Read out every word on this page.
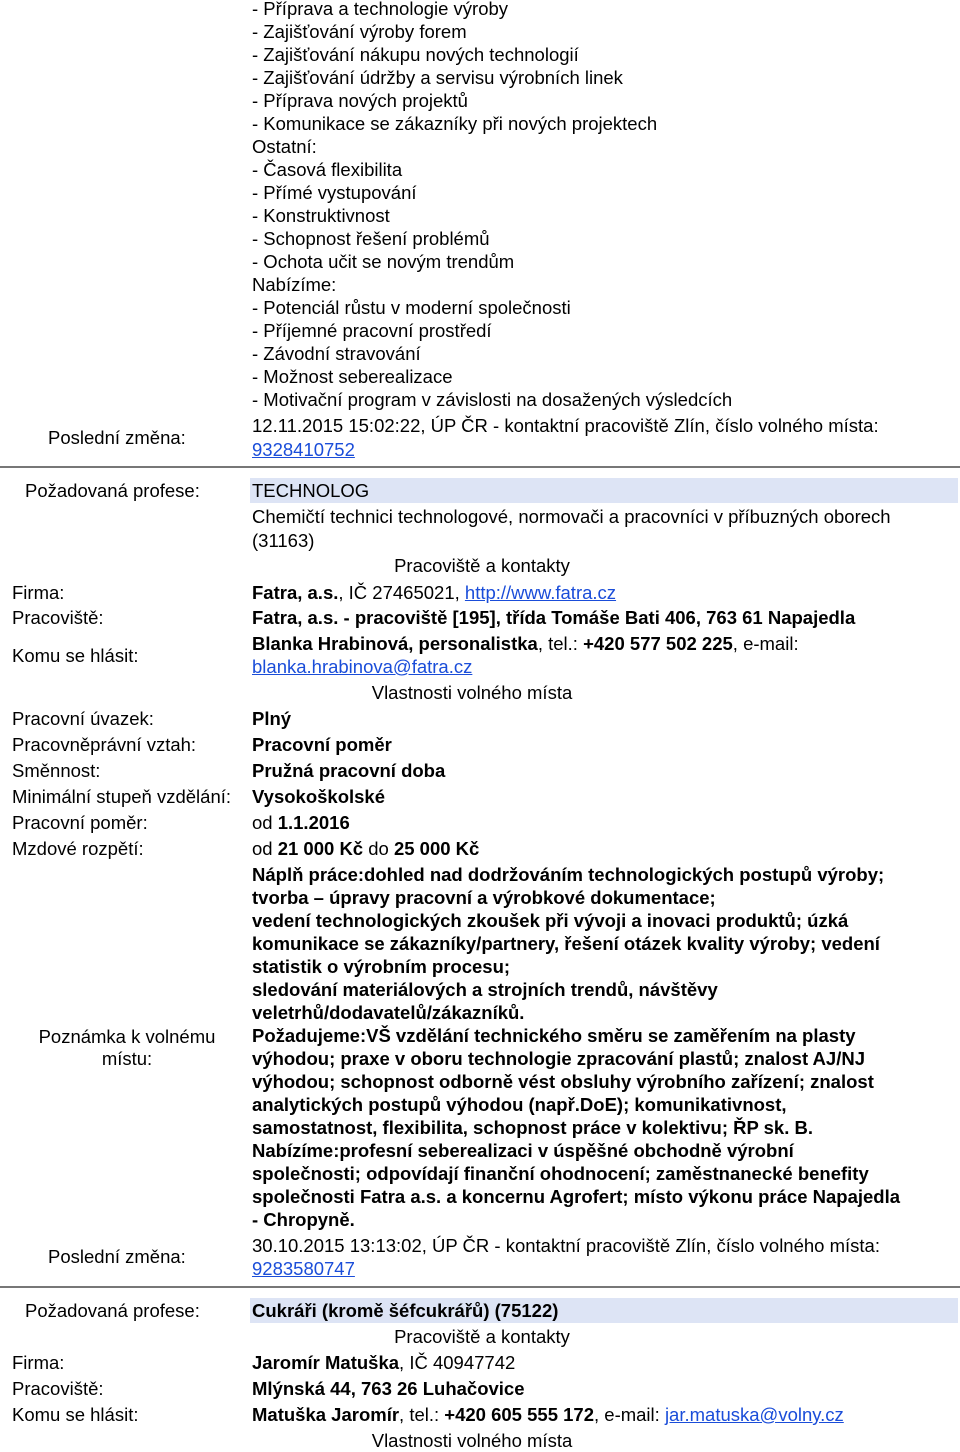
- Příprava a technologie výroby
- Zajišťování výroby forem
- Zajišťování nákupu nových technologií
- Zajišťování údržby a servisu výrobních linek
- Příprava nových projektů
- Komunikace se zákazníky při nových projektech
Ostatní:
- Časová flexibilita
- Přímé vystupování
- Konstruktivnost
- Schopnost řešení problémů
- Ochota učit se novým trendům
Nabízíme:
- Potenciál růstu v moderní společnosti
- Příjemné pracovní prostředí
- Závodní stravování
- Možnost seberealizace
- Motivační program v závislosti na dosažených výsledcích
Poslední změna:
12.11.2015 15:02:22, ÚP ČR - kontaktní pracoviště Zlín, číslo volného místa:
9328410752
Požadovaná profese:	TECHNOLOG
Chemičtí technici technologové, normovači a pracovníci v příbuzných oborech
(31163)
Pracoviště a kontakty
Firma:	Fatra, a.s., IČ 27465021, http://www.fatra.cz
Pracoviště:	Fatra, a.s. - pracoviště [195], třída Tomáše Bati 406, 763 61 Napajedla
Komu se hlásit:
Blanka Hrabinová, personalistka, tel.: +420 577 502 225, e-mail:
blanka.hrabinova@fatra.cz
Vlastnosti volného místa
Pracovní úvazek:	Plný
Pracovněprávní vztah:	Pracovní poměr
Směnnost:	Pružná pracovní doba
Minimální stupeň vzdělání: Vysokoškolské
Pracovní poměr:	od 1.1.2016
Mzdové rozpětí:	od 21 000 Kč do 25 000 Kč
Poznámka k volnému
místu:
Náplň práce:dohled nad dodržováním technologických postupů výroby;
tvorba – úpravy pracovní a výrobkové dokumentace;
vedení technologických zkoušek při vývoji a inovaci produktů; úzká
komunikace se zákazníky/partnery, řešení otázek kvality výroby; vedení
statistik o výrobním procesu;
sledování materiálových a strojních trendů, návštěvy
veletrhů/dodavatelů/zákazníků.
Požadujeme:VŠ vzdělání technického směru se zaměřením na plasty
výhodou; praxe v oboru technologie zpracování plastů; znalost AJ/NJ
výhodou; schopnost odborně vést obsluhy výrobního zařízení; znalost
analytických postupů výhodou (např.DoE); komunikativnost,
samostatnost, flexibilita, schopnost práce v kolektivu; ŘP sk. B.
Nabízíme:profesní seberealizaci v úspěšné obchodně výrobní
společnosti; odpovídají finanční ohodnocení; zaměstnanecké benefity
společnosti Fatra a.s. a koncernu Agrofert; místo výkonu práce Napajedla
- Chropyně.
Poslední změna:
30.10.2015 13:13:02, ÚP ČR - kontaktní pracoviště Zlín, číslo volného místa:
9283580747
Požadovaná profese:	Cukráři (kromě šéfcukrářů) (75122)
Pracoviště a kontakty
Firma:	Jaromír Matuška, IČ 40947742
Pracoviště:	Mlýnská 44, 763 26 Luhačovice
Komu se hlásit:	Matuška Jaromír, tel.: +420 605 555 172, e-mail: jar.matuska@volny.cz
Vlastnosti volného místa
